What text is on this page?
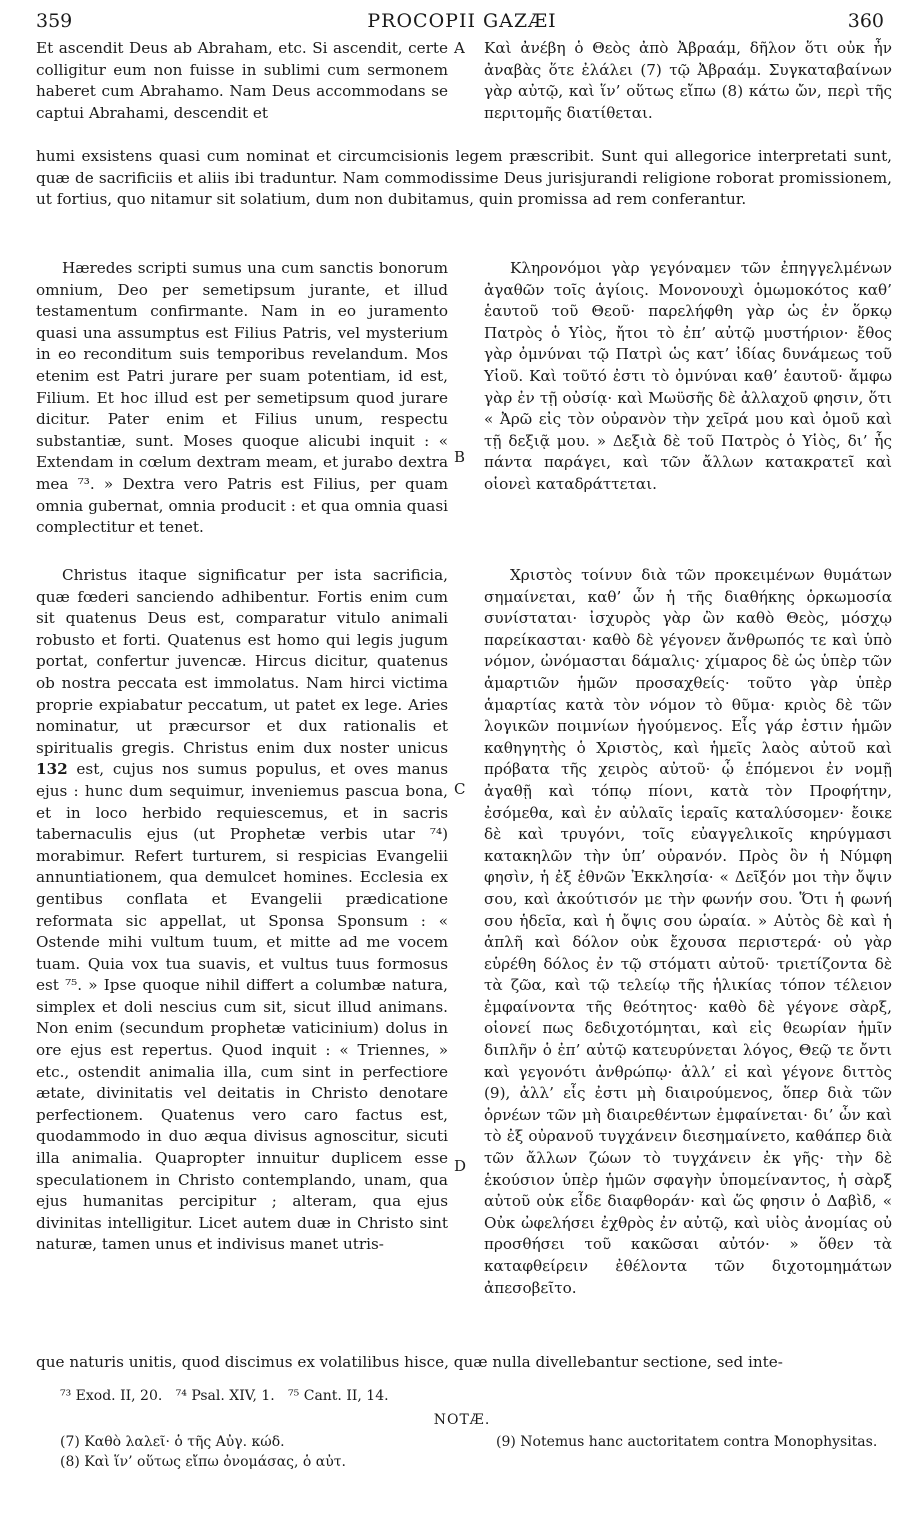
359	PROCOPII GAZÆI	360

Et ascendit Deus ab Abraham, etc. Si ascendit, certe colligitur eum non fuisse in sublimi cum sermonem haberet cum Abrahamo. Nam Deus accommodans se captui Abrahami, descendit et

A Καὶ ἀνέβη ὁ Θεὸς ἀπὸ Ἀβραάμ, δῆλον ὅτι οὐκ ἦν ἀναβὰς ὅτε ἐλάλει (7) τῷ Ἀβραάμ. Συγκαταβαίνων γὰρ αὐτῷ, καὶ ἵν’ οὕτως εἴπω (8) κάτω ὤν, περὶ τῆς περιτομῆς διατίθεται.

humi exsistens quasi cum nominat et circumcisionis legem præscribit. Sunt qui allegorice interpretati sunt, quæ de sacrificiis et aliis ibi traduntur. Nam commodissime Deus jurisjurandi religione roborat promissionem, ut fortius, quo nitamur sit solatium, dum non dubitamus, quin promissa ad rem conferantur.

Hæredes scripti sumus una cum sanctis bonorum omnium, Deo per semetipsum jurante, et illud testamentum confirmante. Nam in eo juramento quasi una assumptus est Filius Patris, vel mysterium in eo reconditum suis temporibus revelandum. Mos etenim est Patri jurare per suam potentiam, id est, Filium. Et hoc illud est per semetipsum quod jurare dicitur. Pater enim et Filius unum, respectu substantiæ, sunt. Moses quoque alicubi inquit : « Extendam in cœlum dextram meam, et jurabo dextra mea ⁷³. » Dextra vero Patris est Filius, per quam omnia gubernat, omnia producit : et qua omnia quasi complectitur et tenet.

B

Κληρονόμοι γὰρ γεγόναμεν τῶν ἐπηγγελμένων ἀγαθῶν τοῖς ἁγίοις. Μονονουχὶ ὁμωμοκότος καθ’ ἑαυτοῦ τοῦ Θεοῦ· παρελήφθη γὰρ ὡς ἐν ὅρκῳ Πατρὸς ὁ Υἱὸς, ἤτοι τὸ ἐπ’ αὐτῷ μυστήριον· ἔθος γὰρ ὀμνύναι τῷ Πατρὶ ὡς κατ’ ἰδίας δυνάμεως τοῦ Υἱοῦ. Καὶ τοῦτό ἐστι τὸ ὀμνύναι καθ’ ἑαυτοῦ· ἄμφω γὰρ ἐν τῇ οὐσίᾳ· καὶ Μωϋσῆς δὲ ἀλλαχοῦ φησιν, ὅτι « Ἀρῶ εἰς τὸν οὐρανὸν τὴν χεῖρά μου καὶ ὀμοῦ καὶ τῇ δεξιᾷ μου. » Δεξιὰ δὲ τοῦ Πατρὸς ὁ Υἱὸς, δι’ ἧς πάντα παράγει, καὶ τῶν ἄλλων κατακρατεῖ καὶ οἱονεὶ καταδράττεται.

Christus itaque significatur per ista sacrificia, quæ fœderi sanciendo adhibentur. Fortis enim cum sit quatenus Deus est, comparatur vitulo animali robusto et forti. Quatenus est homo qui legis jugum portat, confertur juvencæ. Hircus dicitur, quatenus ob nostra peccata est immolatus. Nam hirci victima proprie expiabatur peccatum, ut patet ex lege. Aries nominatur, ut præcursor et dux rationalis et spiritualis gregis. Christus enim dux noster unicus 132 est, cujus nos sumus populus, et oves manus ejus : hunc dum sequimur, inveniemus pascua bona, et in loco herbido requiescemus, et in sacris tabernaculis ejus (ut Prophetæ verbis utar ⁷⁴) morabimur. Refert turturem, si respicias Evangelii annuntiationem, qua demulcet homines. Ecclesia ex gentibus conflata et Evangelii prædicatione reformata sic appellat, ut Sponsa Sponsum : « Ostende mihi vultum tuum, et mitte ad me vocem tuam. Quia vox tua suavis, et vultus tuus formosus est ⁷⁵. » Ipse quoque nihil differt a columbæ natura, simplex et doli nescius cum sit, sicut illud animans. Non enim (secundum prophetæ vaticinium) dolus in ore ejus est repertus. Quod inquit : « Triennes, » etc., ostendit animalia illa, cum sint in perfectiore ætate, divinitatis vel deitatis in Christo denotare perfectionem. Quatenus vero caro factus est, quodammodo in duo æqua divisus agnoscitur, sicuti illa animalia. Quapropter innuitur duplicem esse speculationem in Christo contemplando, unam, qua ejus humanitas percipitur ; alteram, qua ejus divinitas intelligitur. Licet autem duæ in Christo sint naturæ, tamen unus et indivisus manet utris-

C
D

Χριστὸς τοίνυν διὰ τῶν προκειμένων θυμάτων σημαίνεται, καθ’ ὧν ἡ τῆς διαθήκης ὁρκωμοσία συνίσταται· ἰσχυρὸς γὰρ ὢν καθὸ Θεὸς, μόσχῳ παρείκασται· καθὸ δὲ γέγονεν ἄνθρωπός τε καὶ ὑπὸ νόμον, ὠνόμασται δάμαλις· χίμαρος δὲ ὡς ὑπὲρ τῶν ἁμαρτιῶν ἡμῶν προσαχθείς· τοῦτο γὰρ ὑπὲρ ἁμαρτίας κατὰ τὸν νόμον τὸ θῦμα· κριὸς δὲ τῶν λογικῶν ποιμνίων ἡγούμενος. Εἷς γάρ ἐστιν ἡμῶν καθηγητὴς ὁ Χριστὸς, καὶ ἡμεῖς λαὸς αὐτοῦ καὶ πρόβατα τῆς χειρὸς αὐτοῦ· ᾧ ἑπόμενοι ἐν νομῇ ἀγαθῇ καὶ τόπῳ πίονι, κατὰ τὸν Προφήτην, ἐσόμεθα, καὶ ἐν αὐλαῖς ἱεραῖς καταλύσομεν· ἔοικε δὲ καὶ τρυγόνι, τοῖς εὐαγγελικοῖς κηρύγμασι κατακηλῶν τὴν ὑπ’ οὐρανόν. Πρὸς ὃν ἡ Νύμφη φησὶν, ἡ ἐξ ἐθνῶν Ἐκκλησία· « Δεῖξόν μοι τὴν ὄψιν σου, καὶ ἀκούτισόν με τὴν φωνήν σου. Ὅτι ἡ φωνή σου ἡδεῖα, καὶ ἡ ὄψις σου ὡραία. » Αὐτὸς δὲ καὶ ἡ ἁπλῆ καὶ δόλον οὐκ ἔχουσα περιστερά· οὐ γὰρ εὑρέθη δόλος ἐν τῷ στόματι αὐτοῦ· τριετίζοντα δὲ τὰ ζῶα, καὶ τῷ τελείῳ τῆς ἡλικίας τόπον τέλειον ἐμφαίνοντα τῆς θεότητος· καθὸ δὲ γέγονε σὰρξ, οἱονεί πως δεδιχοτόμηται, καὶ εἰς θεωρίαν ἡμῖν διπλῆν ὁ ἐπ’ αὐτῷ κατευρύνεται λόγος, Θεῷ τε ὄντι καὶ γεγονότι ἀνθρώπῳ· ἀλλ’ εἰ καὶ γέγονε διττὸς (9), ἀλλ’ εἷς ἐστι μὴ διαιρούμενος, ὅπερ διὰ τῶν ὀρνέων τῶν μὴ διαιρεθέντων ἐμφαίνεται· δι’ ὧν καὶ τὸ ἐξ οὐρανοῦ τυγχάνειν διεσημαίνετο, καθάπερ διὰ τῶν ἄλλων ζώων τὸ τυγχάνειν ἐκ γῆς· τὴν δὲ ἑκούσιον ὑπὲρ ἡμῶν σφαγὴν ὑπομείναντος, ἡ σὰρξ αὐτοῦ οὐκ εἶδε διαφθοράν· καὶ ὥς φησιν ὁ Δαβὶδ, « Οὐκ ὠφελήσει ἐχθρὸς ἐν αὐτῷ, καὶ υἱὸς ἀνομίας οὐ προσθήσει τοῦ κακῶσαι αὐτόν· » ὅθεν τὰ καταφθείρειν ἐθέλοντα τῶν διχοτομημάτων ἀπεσοβεῖτο.

que naturis unitis, quod discimus ex volatilibus hisce, quæ nulla divellebantur sectione, sed inte-

⁷³ Exod. II, 20.   ⁷⁴ Psal. XIV, 1.   ⁷⁵ Cant. II, 14.
NOTÆ.
(7) Καθὸ λαλεῖ· ὁ τῆς Αὐγ. κώδ.
(8) Καὶ ἵν’ οὕτως εἴπω ὀνομάσας, ὁ αὐτ.
(9) Notemus hanc auctoritatem contra Monophysitas.
